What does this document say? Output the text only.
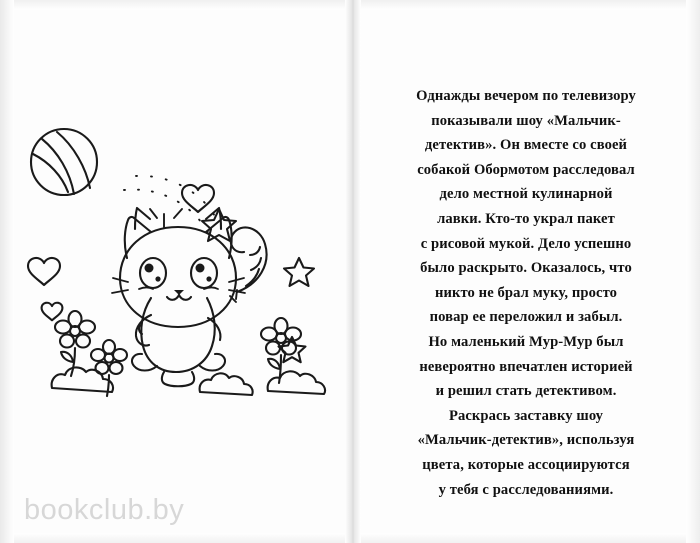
bookclub.by
Однажды вечером по телевизору
показывали шоу «Мальчик-
детектив». Он вместе со своей
собакой Обормотом расследовал
дело местной кулинарной
лавки. Кто-то украл пакет
с рисовой мукой. Дело успешно
было раскрыто. Оказалось, что
никто не брал муку, просто
повар ее переложил и забыл.
Но маленький Мур-Мур был
невероятно впечатлен историей
и решил стать детективом.
Раскрась заставку шоу
«Мальчик-детектив», используя
цвета, которые ассоциируются
у тебя с расследованиями.
